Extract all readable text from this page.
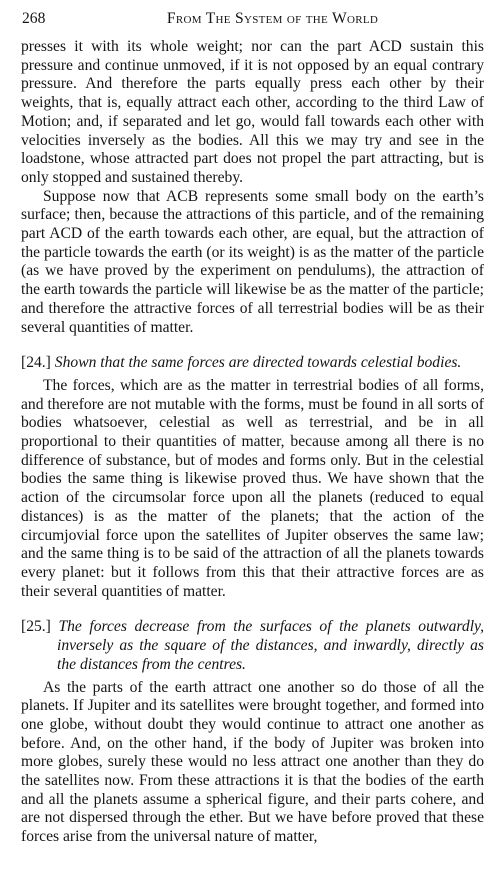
268	From The System of the World

presses it with its whole weight; nor can the part ACD sustain this pressure and continue unmoved, if it is not opposed by an equal contrary pressure. And therefore the parts equally press each other by their weights, that is, equally attract each other, according to the third Law of Motion; and, if separated and let go, would fall towards each other with velocities inversely as the bodies. All this we may try and see in the loadstone, whose attracted part does not propel the part attracting, but is only stopped and sustained thereby.

Suppose now that ACB represents some small body on the earth’s surface; then, because the attractions of this particle, and of the remaining part ACD of the earth towards each other, are equal, but the attraction of the particle towards the earth (or its weight) is as the matter of the particle (as we have proved by the experiment on pendulums), the attraction of the earth towards the particle will likewise be as the matter of the particle; and therefore the attractive forces of all terrestrial bodies will be as their several quantities of matter.

[24.] Shown that the same forces are directed towards celestial bodies.

The forces, which are as the matter in terrestrial bodies of all forms, and therefore are not mutable with the forms, must be found in all sorts of bodies whatsoever, celestial as well as terrestrial, and be in all proportional to their quantities of matter, because among all there is no difference of substance, but of modes and forms only. But in the celestial bodies the same thing is likewise proved thus. We have shown that the action of the circumsolar force upon all the planets (reduced to equal distances) is as the matter of the planets; that the action of the circumjovial force upon the satellites of Jupiter observes the same law; and the same thing is to be said of the attraction of all the planets towards every planet: but it follows from this that their attractive forces are as their several quantities of matter.

[25.] The forces decrease from the surfaces of the planets outwardly, inversely as the square of the distances, and inwardly, directly as the distances from the centres.

As the parts of the earth attract one another so do those of all the planets. If Jupiter and its satellites were brought together, and formed into one globe, without doubt they would continue to attract one another as before. And, on the other hand, if the body of Jupiter was broken into more globes, surely these would no less attract one another than they do the satellites now. From these attractions it is that the bodies of the earth and all the planets assume a spherical figure, and their parts cohere, and are not dispersed through the ether. But we have before proved that these forces arise from the universal nature of matter,
